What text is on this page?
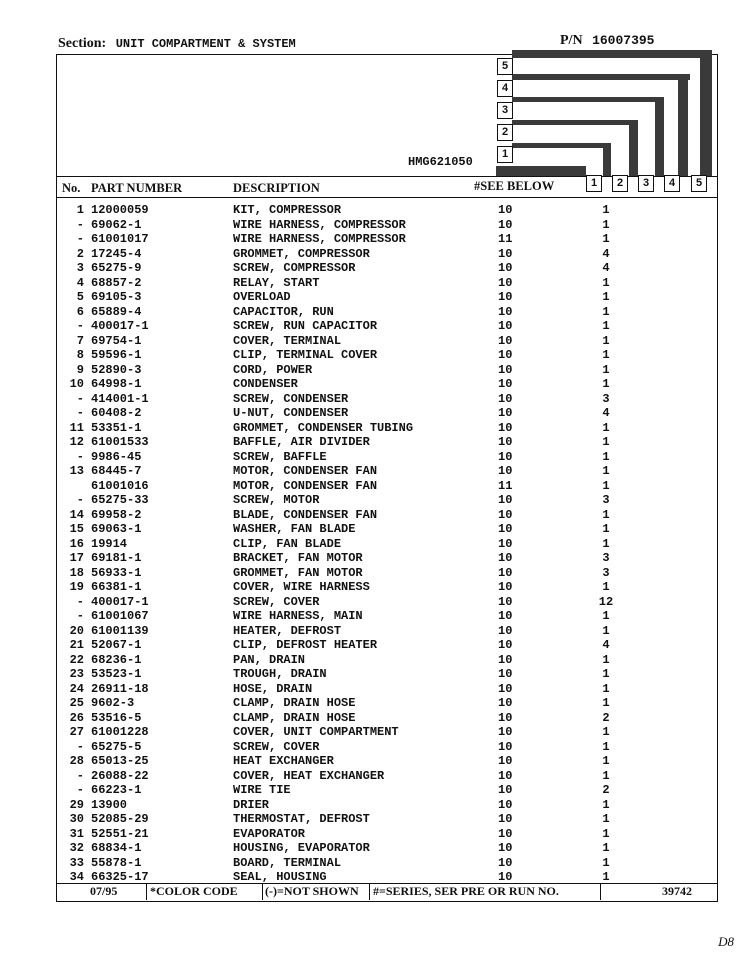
Section: UNIT COMPARTMENT & SYSTEM	P/N 16007395
5
4
3
2
1
1	2	3	4	5
HMG621050
No. PART NUMBER	DESCRIPTION	#SEE BELOW
1 12000059	KIT, COMPRESSOR	10	1
- 69062-1	WIRE HARNESS, COMPRESSOR	10	1
- 61001017	WIRE HARNESS, COMPRESSOR	11	1
2 17245-4	GROMMET, COMPRESSOR	10	4
3 65275-9	SCREW, COMPRESSOR	10	4
4 68857-2	RELAY, START	10	1
5 69105-3	OVERLOAD	10	1
6 65889-4	CAPACITOR, RUN	10	1
- 400017-1	SCREW, RUN CAPACITOR	10	1
7 69754-1	COVER, TERMINAL	10	1
8 59596-1	CLIP, TERMINAL COVER	10	1
9 52890-3	CORD, POWER	10	1
10 64998-1	CONDENSER	10	1
- 414001-1	SCREW, CONDENSER	10	3
- 60408-2	U-NUT, CONDENSER	10	4
11 53351-1	GROMMET, CONDENSER TUBING	10	1
12 61001533	BAFFLE, AIR DIVIDER	10	1
- 9986-45	SCREW, BAFFLE	10	1
13 68445-7	MOTOR, CONDENSER FAN	10	1
61001016	MOTOR, CONDENSER FAN	11	1
- 65275-33	SCREW, MOTOR	10	3
14 69958-2	BLADE, CONDENSER FAN	10	1
15 69063-1	WASHER, FAN BLADE	10	1
16 19914	CLIP, FAN BLADE	10	1
17 69181-1	BRACKET, FAN MOTOR	10	3
18 56933-1	GROMMET, FAN MOTOR	10	3
19 66381-1	COVER, WIRE HARNESS	10	1
- 400017-1	SCREW, COVER	10	12
- 61001067	WIRE HARNESS, MAIN	10	1
20 61001139	HEATER, DEFROST	10	1
21 52067-1	CLIP, DEFROST HEATER	10	4
22 68236-1	PAN, DRAIN	10	1
23 53523-1	TROUGH, DRAIN	10	1
24 26911-18	HOSE, DRAIN	10	1
25 9602-3	CLAMP, DRAIN HOSE	10	1
26 53516-5	CLAMP, DRAIN HOSE	10	2
27 61001228	COVER, UNIT COMPARTMENT	10	1
- 65275-5	SCREW, COVER	10	1
28 65013-25	HEAT EXCHANGER	10	1
- 26088-22	COVER, HEAT EXCHANGER	10	1
- 66223-1	WIRE TIE	10	2
29 13900	DRIER	10	1
30 52085-29	THERMOSTAT, DEFROST	10	1
31 52551-21	EVAPORATOR	10	1
32 68834-1	HOUSING, EVAPORATOR	10	1
33 55878-1	BOARD, TERMINAL	10	1
34 66325-17	SEAL, HOUSING	10	1
07/95	*COLOR CODE (-)=NOT SHOWN #=SERIES, SER PRE OR RUN NO.	39742
D8
